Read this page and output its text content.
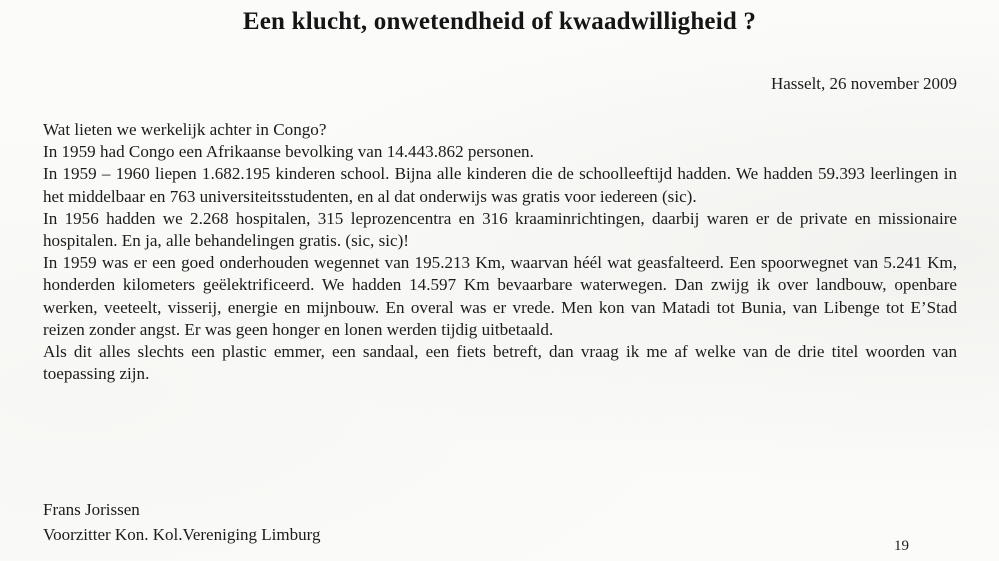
Een klucht, onwetendheid of kwaadwilligheid ?
Hasselt, 26 november 2009

Wat lieten we werkelijk achter in Congo?

In 1959 had Congo een Afrikaanse bevolking van 14.443.862 personen.

In 1959 – 1960 liepen 1.682.195 kinderen school. Bijna alle kinderen die de schoolleeftijd hadden. We hadden 59.393 leerlingen in het middelbaar en 763 universiteitsstudenten, en al dat onderwijs was gratis voor iedereen (sic).

In 1956 hadden we 2.268 hospitalen, 315 leprozencentra en 316 kraaminrichtingen, daarbij waren er de private en missionaire hospitalen. En ja, alle behandelingen gratis. (sic, sic)!

In 1959 was er een goed onderhouden wegennet van 195.213 Km, waarvan héél wat geasfalteerd. Een spoorwegnet van 5.241 Km, honderden kilometers geëlektrificeerd. We hadden 14.597 Km bevaarbare waterwegen. Dan zwijg ik over landbouw, openbare werken, veeteelt, visserij, energie en mijnbouw. En overal was er vrede. Men kon van Matadi tot Bunia, van Libenge tot E’Stad reizen zonder angst. Er was geen honger en lonen werden tijdig uitbetaald.

Als dit alles slechts een plastic emmer, een sandaal, een fiets betreft, dan vraag ik me af welke van de drie titel woorden van toepassing zijn.

Frans Jorissen
Voorzitter Kon. Kol.Vereniging Limburg
19
